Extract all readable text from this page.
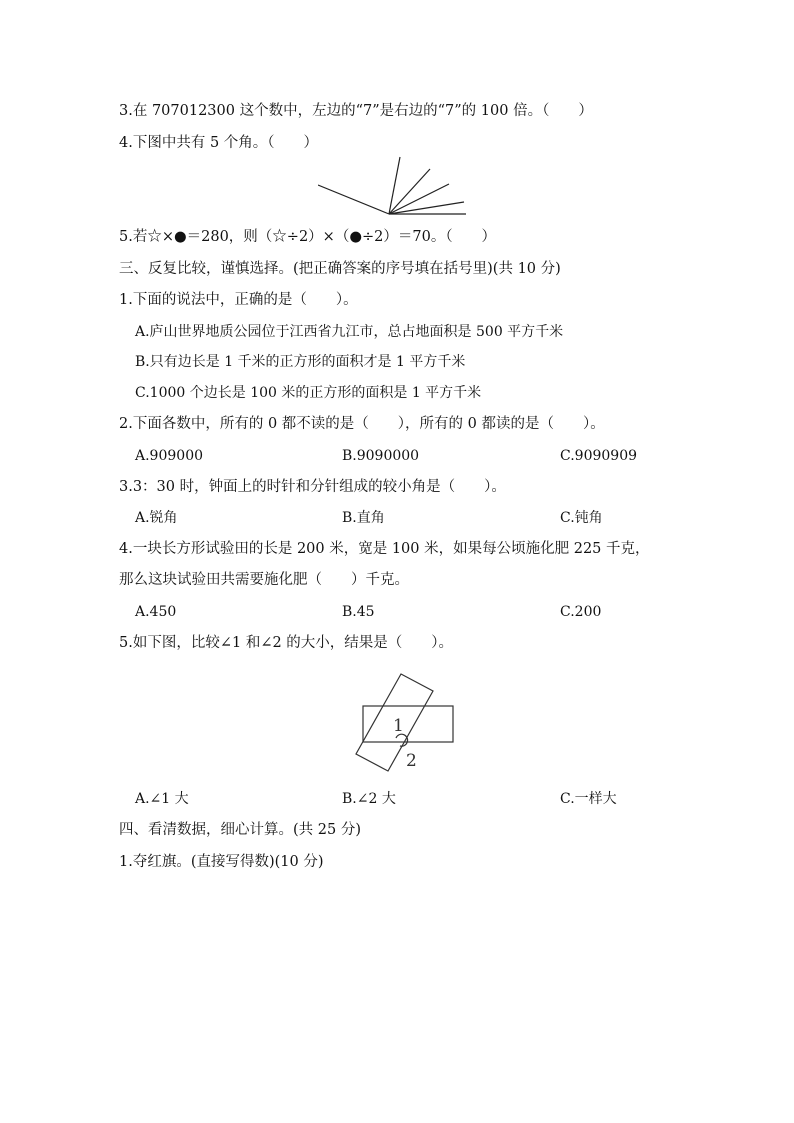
3.在 707012300 这个数中，左边的“7”是右边的“7”的 100 倍。（　　）
4.下图中共有 5 个角。（　　）
5.若☆×●＝280，则（☆÷2）×（●÷2）＝70。（　　）
三、反复比较，谨慎选择。(把正确答案的序号填在括号里)(共 10 分)
1.下面的说法中，正确的是（　　）。
A.庐山世界地质公园位于江西省九江市，总占地面积是 500 平方千米
B.只有边长是 1 千米的正方形的面积才是 1 平方千米
C.1000 个边长是 100 米的正方形的面积是 1 平方千米
2.下面各数中，所有的 0 都不读的是（　　），所有的 0 都读的是（　　）。
A.909000	B.9090000	C.9090909
3.3：30 时，钟面上的时针和分针组成的较小角是（　　）。
A.锐角	B.直角	C.钝角
4.一块长方形试验田的长是 200 米，宽是 100 米，如果每公顷施化肥 225 千克，
那么这块试验田共需要施化肥（　　）千克。
A.450	B.45	C.200
5.如下图，比较∠1 和∠2 的大小，结果是（　　）。
1
2
A.∠1 大	B.∠2 大	C.一样大
四、看清数据，细心计算。(共 25 分)
1.夺红旗。(直接写得数)(10 分)
